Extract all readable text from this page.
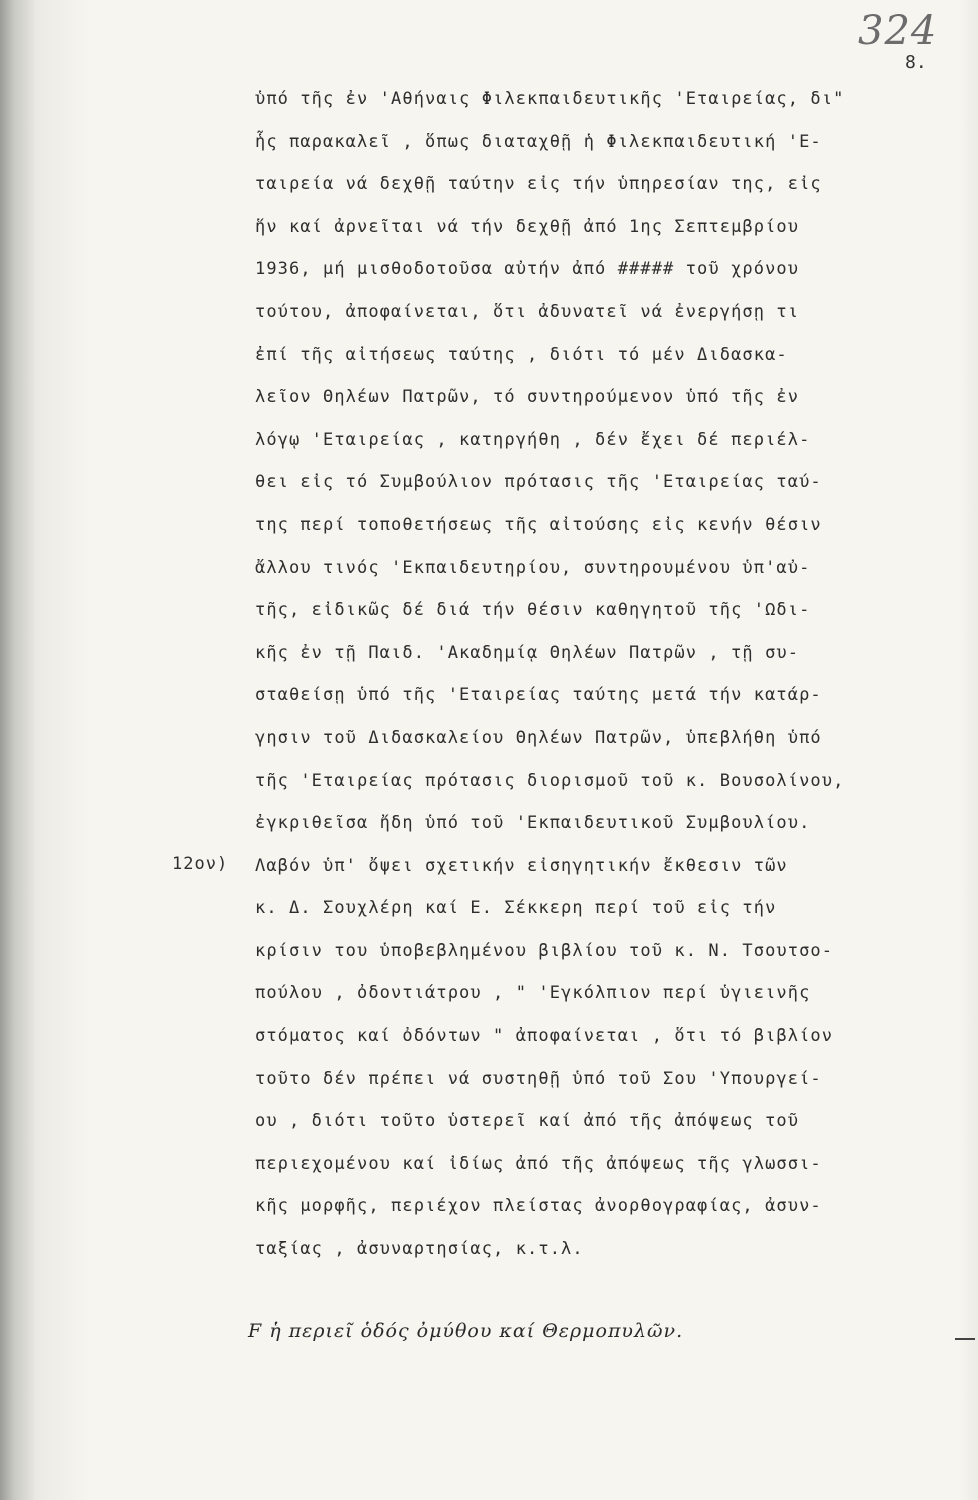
324
8.
12ον)
ὑπό τῆς ἐν 'Αθήναις Φιλεκπαιδευτικῆς 'Εταιρείας, δι"
ἧς παρακαλεῖ , ὅπως διαταχθῇ ἡ Φιλεκπαιδευτική 'Ε-
ταιρεία νά δεχθῇ ταύτην εἰς τήν ὑπηρεσίαν της, εἰς
ἥν καί ἀρνεῖται νά τήν δεχθῇ ἀπό 1ης Σεπτεμβρίου
1936, μή μισθοδοτοῦσα αὐτήν ἀπό ##### τοῦ χρόνου
τούτου, ἀποφαίνεται, ὅτι ἀδυνατεῖ νά ἐνεργήσῃ τι
ἐπί τῆς αἰτήσεως ταύτης , διότι τό μέν Διδασκα-
λεῖον Θηλέων Πατρῶν, τό συντηρούμενον ὑπό τῆς ἐν
λόγῳ 'Εταιρείας , κατηργήθη , δέν ἔχει δέ περιέλ-
θει εἰς τό Συμβούλιον πρότασις τῆς 'Εταιρείας ταύ-
της περί τοποθετήσεως τῆς αἰτούσης εἰς κενήν θέσιν
ἄλλου τινός 'Εκπαιδευτηρίου, συντηρουμένου ὑπ'αὐ-
τῆς, εἰδικῶς δέ διά τήν θέσιν καθηγητοῦ τῆς 'Ωδι-
κῆς ἐν τῇ Παιδ. 'Ακαδημίᾳ Θηλέων Πατρῶν , τῇ συ-
σταθείσῃ ὑπό τῆς 'Εταιρείας ταύτης μετά τήν κατάρ-
γησιν τοῦ Διδασκαλείου Θηλέων Πατρῶν, ὑπεβλήθη ὑπό
τῆς 'Εταιρείας πρότασις διορισμοῦ τοῦ κ. Βουσολίνου,
ἐγκριθεῖσα ἤδη ὑπό τοῦ 'Εκπαιδευτικοῦ Συμβουλίου.
Λαβόν ὑπ' ὄψει σχετικήν εἰσηγητικήν ἔκθεσιν τῶν
κ. Δ. Σουχλέρη καί Ε. Σέκκερη περί τοῦ εἰς τήν
κρίσιν του ὑποβεβλημένου βιβλίου τοῦ κ. Ν. Τσουτσο-
πούλου , ὀδοντιάτρου , " 'Εγκόλπιον περί ὑγιεινῆς
στόματος καί ὀδόντων " ἀποφαίνεται , ὅτι τό βιβλίον
τοῦτο δέν πρέπει νά συστηθῇ ὑπό τοῦ Σου 'Υπουργεί-
ου , διότι τοῦτο ὑστερεῖ καί ἀπό τῆς ἀπόψεως τοῦ
περιεχομένου καί ἰδίως ἀπό τῆς ἀπόψεως τῆς γλωσσι-
κῆς μορφῆς, περιέχον πλείστας ἀνορθογραφίας, ἀσυν-
ταξίας , ἀσυναρτησίας, κ.τ.λ.
F ἡ περιεῖ ὁδός ὀμύθου καί Θερμοπυλῶν.
